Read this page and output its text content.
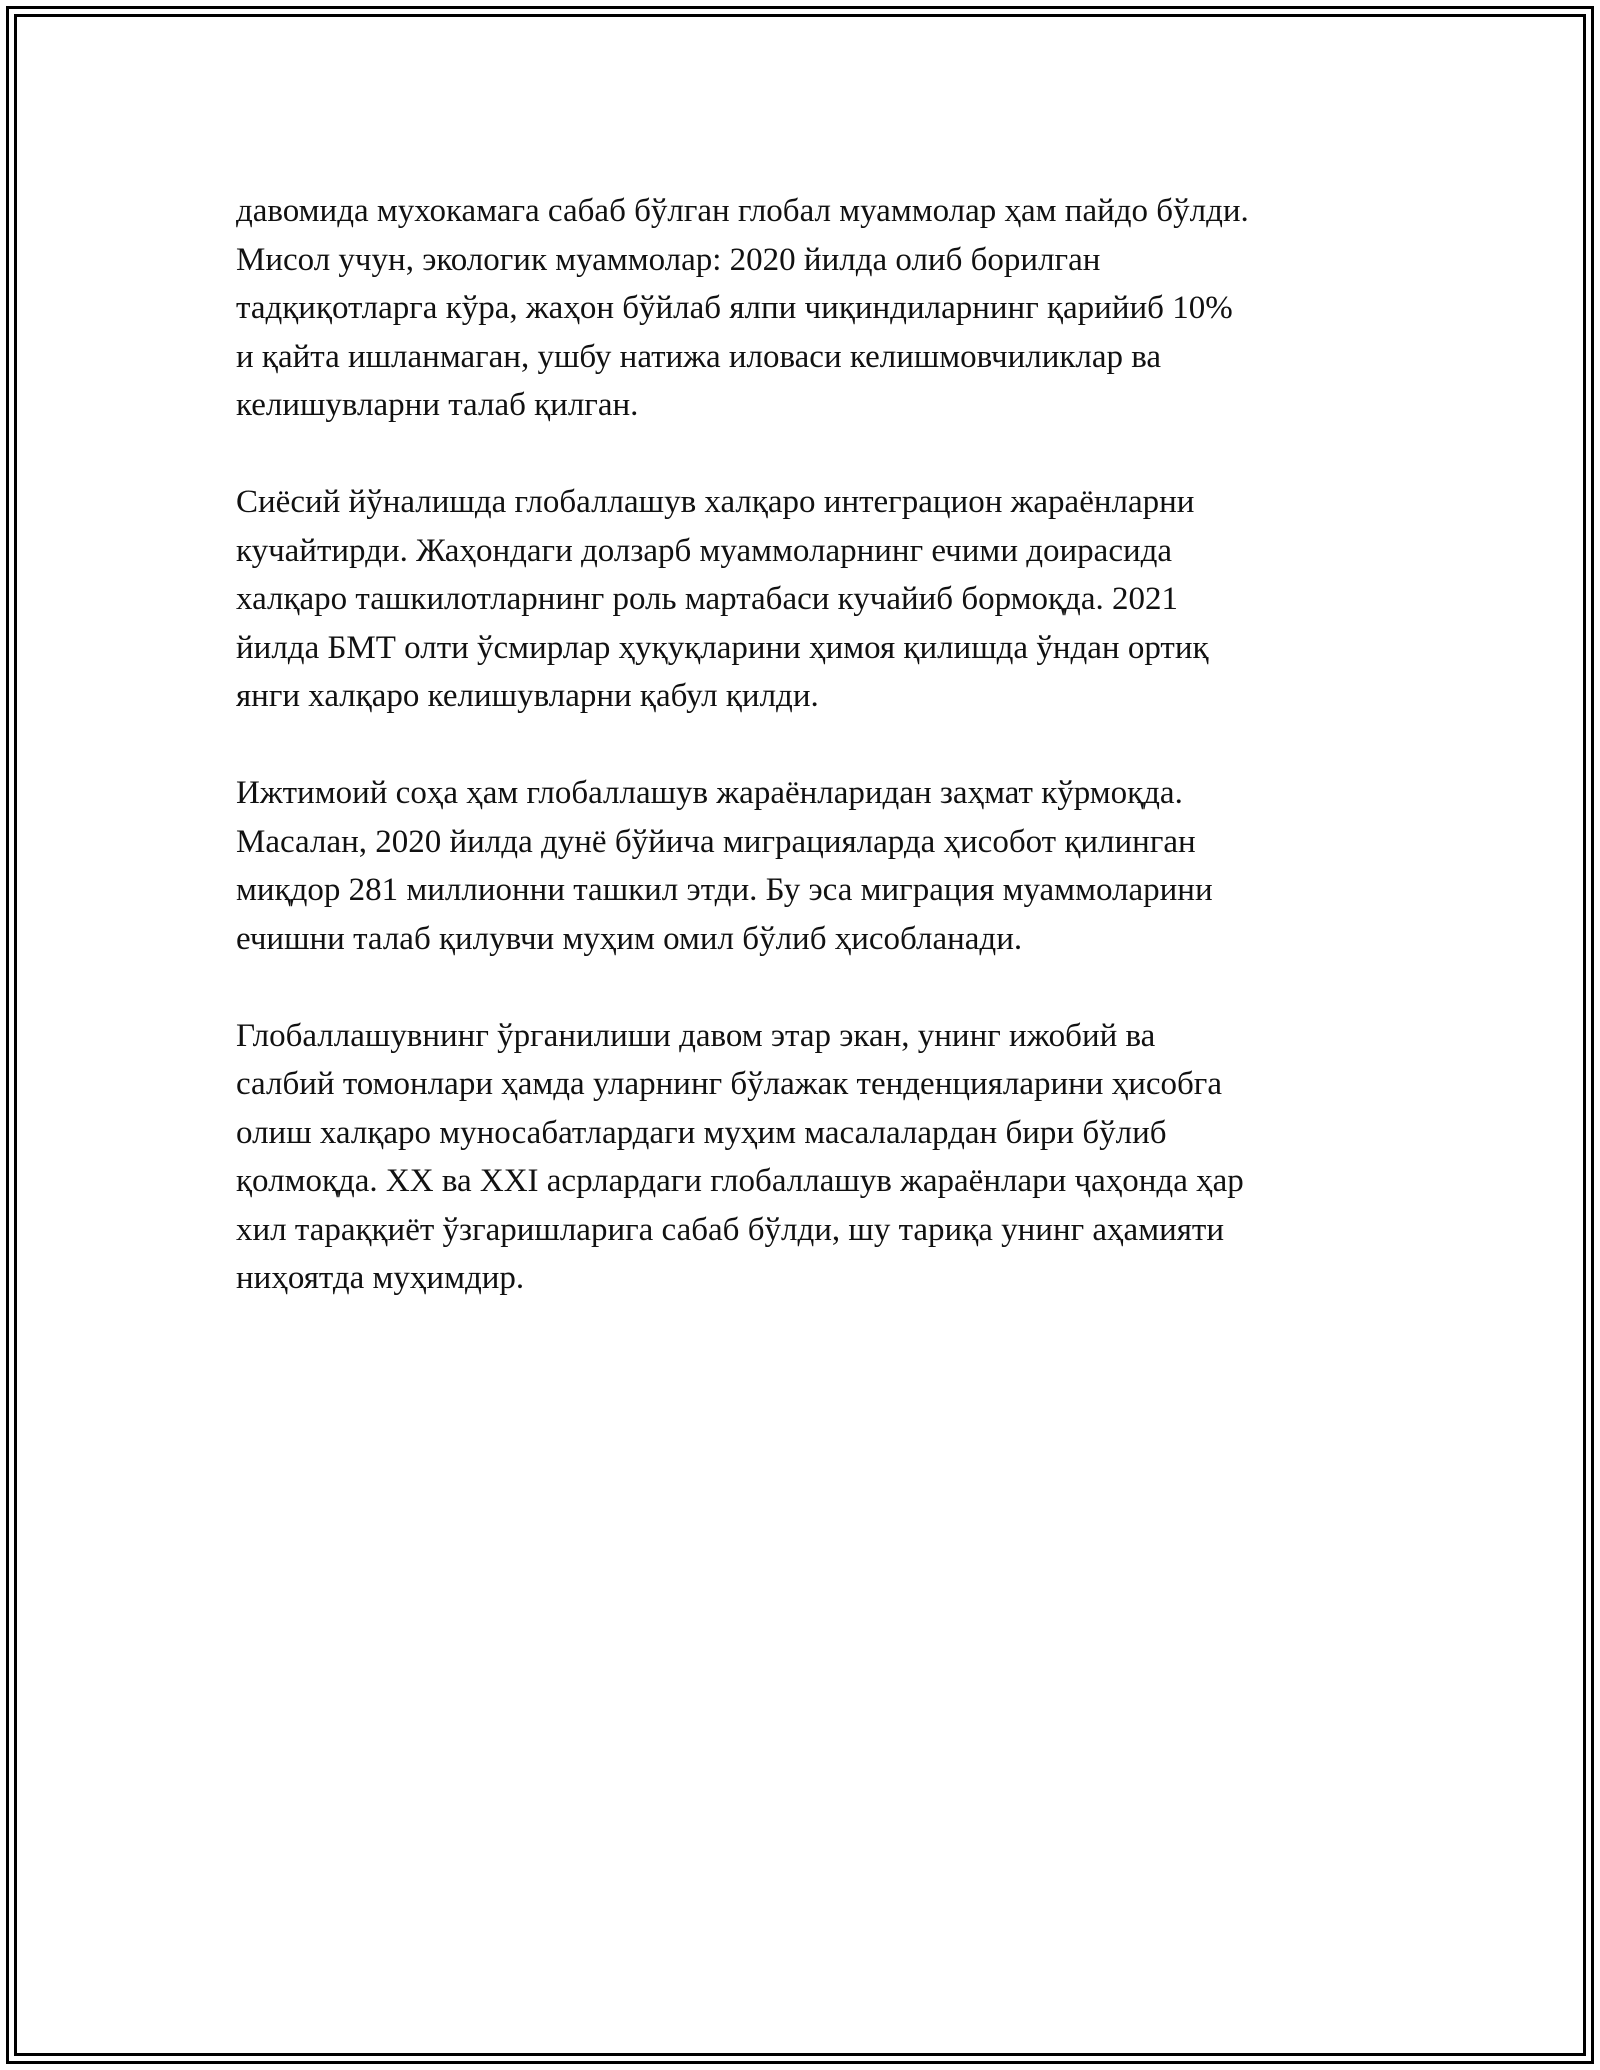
давомида мухокамага сабаб бўлган глобал муаммолар ҳам пайдо бўлди.
Мисол учун, экологик муаммолар: 2020 йилда олиб борилган
тадқиқотларга кўра, жаҳон бўйлаб ялпи чиқиндиларнинг қарийиб 10%
и қайта ишланмаган, ушбу натижа иловаси келишмовчиликлар ва
келишувларни талаб қилган.
Сиёсий йўналишда глобаллашув халқаро интеграцион жараёнларни
кучайтирди. Жаҳондаги долзарб муаммоларнинг ечими доирасида
халқаро ташкилотларнинг роль мартабаси кучайиб бормоқда. 2021
йилда БМТ олти ўсмирлар ҳуқуқларини ҳимоя қилишда ўндан ортиқ
янги халқаро келишувларни қабул қилди.
Ижтимоий соҳа ҳам глобаллашув жараёнларидан заҳмат кўрмоқда.
Масалан, 2020 йилда дунё бўйича миграцияларда ҳисобот қилинган
миқдор 281 миллионни ташкил этди. Бу эса миграция муаммоларини
ечишни талаб қилувчи муҳим омил бўлиб ҳисобланади.
Глобаллашувнинг ўрганилиши давом этар экан, унинг ижобий ва
салбий томонлари ҳамда уларнинг бўлажак тенденцияларини ҳисобга
олиш халқаро муносабатлардаги муҳим масалалардан бири бўлиб
қолмоқда. XX ва XXI асрлардаги глобаллашув жараёнлари ҷаҳонда ҳар
хил тараққиёт ўзгаришларига сабаб бўлди, шу тариқа унинг аҳамияти
ниҳоятда муҳимдир.
